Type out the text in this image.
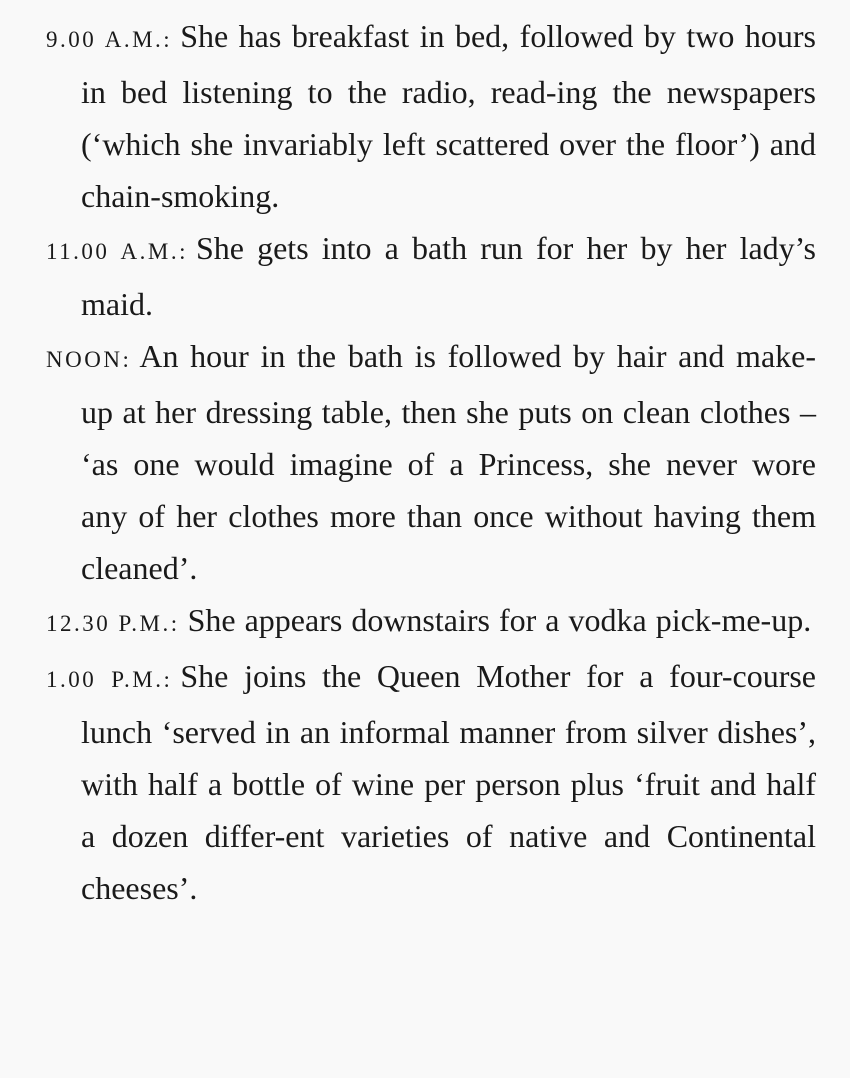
9.00 A.M.: She has breakfast in bed, followed by two hours in bed listening to the radio, read-ing the newspapers (‘which she invariably left scattered over the floor’) and chain-smoking.

11.00 A.M.: She gets into a bath run for her by her lady’s maid.

NOON: An hour in the bath is followed by hair and make-up at her dressing table, then she puts on clean clothes – ‘as one would imagine of a Princess, she never wore any of her clothes more than once without having them cleaned’.

12.30 P.M.: She appears downstairs for a vodka pick-me-up.

1.00 P.M.: She joins the Queen Mother for a four-course lunch ‘served in an informal manner from silver dishes’, with half a bottle of wine per person plus ‘fruit and half a dozen differ-ent varieties of native and Continental cheeses’.
